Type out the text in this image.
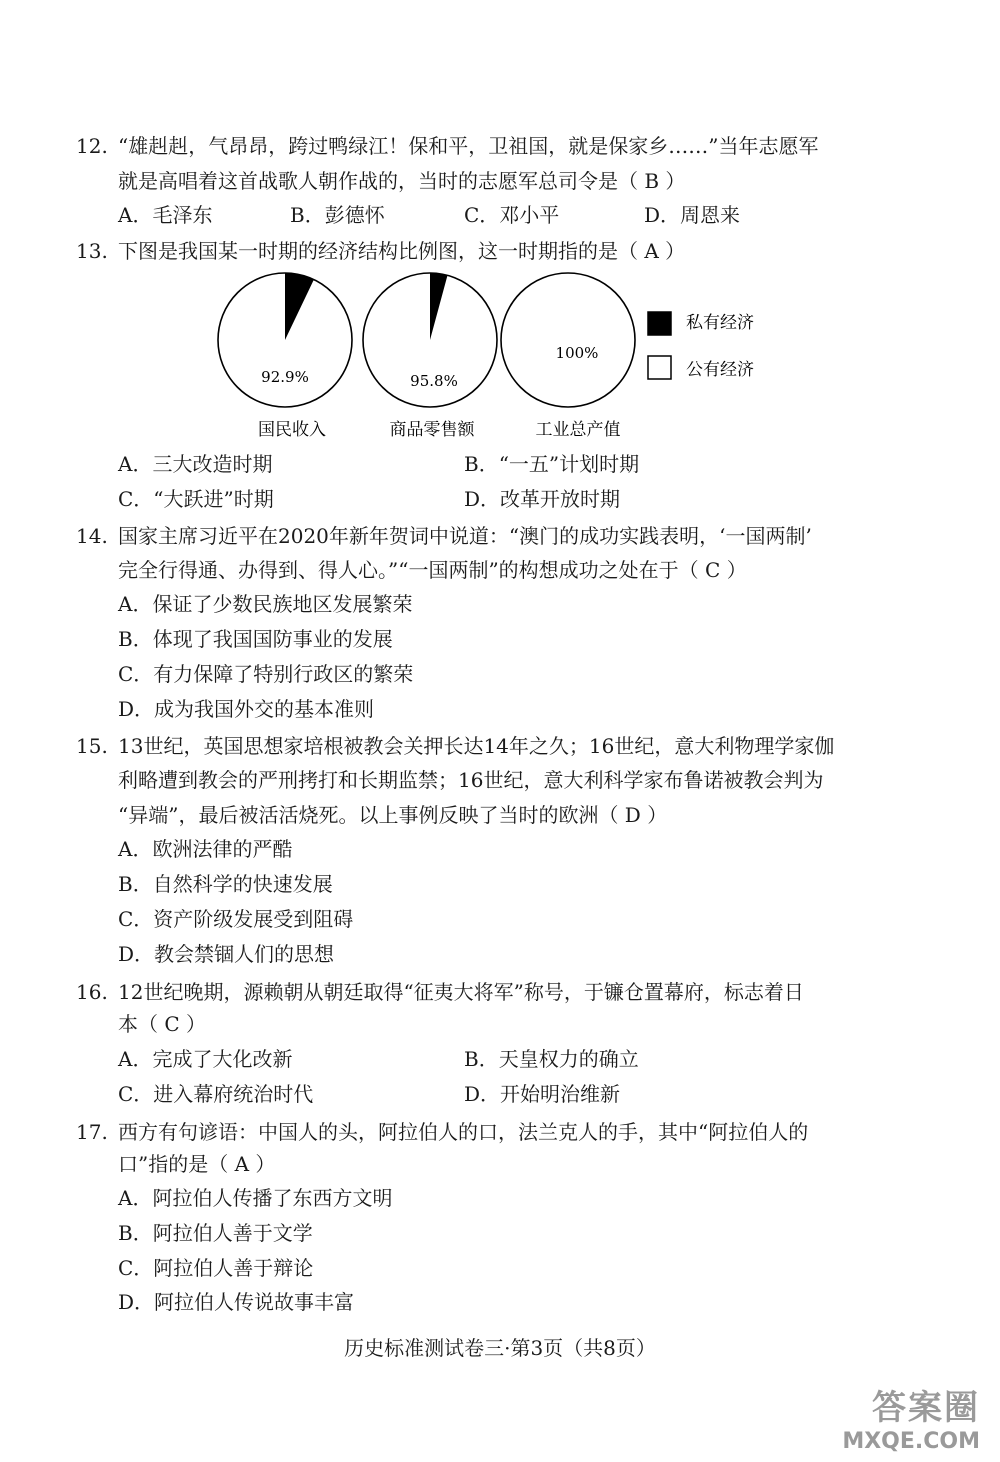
12. “雄赳赳，气昂昂，跨过鸭绿江！保和平，卫祖国，就是保家乡……”当年志愿军
就是高唱着这首战歌人朝作战的，当时的志愿军总司令是（ B ）
A．毛泽东	B．彭德怀	C．邓小平	D．周恩来
13. 下图是我国某一时期的经济结构比例图，这一时期指的是（ A ）
92.9%
国民收入
95.8%
商品零售额
100%
工业总产值
私有经济
公有经济
A．三大改造时期	B．“一五”计划时期
C．“大跃进”时期	D．改革开放时期
14. 国家主席习近平在2020年新年贺词中说道：“澳门的成功实践表明，‘一国两制’
完全行得通、办得到、得人心。”“一国两制”的构想成功之处在于（ C ）
A．保证了少数民族地区发展繁荣
B．体现了我国国防事业的发展
C．有力保障了特别行政区的繁荣
D．成为我国外交的基本准则
15. 13世纪，英国思想家培根被教会关押长达14年之久；16世纪，意大利物理学家伽
利略遭到教会的严刑拷打和长期监禁；16世纪，意大利科学家布鲁诺被教会判为
“异端”，最后被活活烧死。以上事例反映了当时的欧洲（ D ）
A．欧洲法律的严酷
B．自然科学的快速发展
C．资产阶级发展受到阻碍
D．教会禁锢人们的思想
16. 12世纪晚期，源赖朝从朝廷取得“征夷大将军”称号，于镰仓置幕府，标志着日
本（ C ）
A．完成了大化改新	B．天皇权力的确立
C．进入幕府统治时代	D．开始明治维新
17. 西方有句谚语：中国人的头，阿拉伯人的口，法兰克人的手，其中“阿拉伯人的
口”指的是（ A ）
A．阿拉伯人传播了东西方文明
B．阿拉伯人善于文学
C．阿拉伯人善于辩论
D．阿拉伯人传说故事丰富
历史标准测试卷三·第3页（共8页）
答案圈
MXQE.COM
